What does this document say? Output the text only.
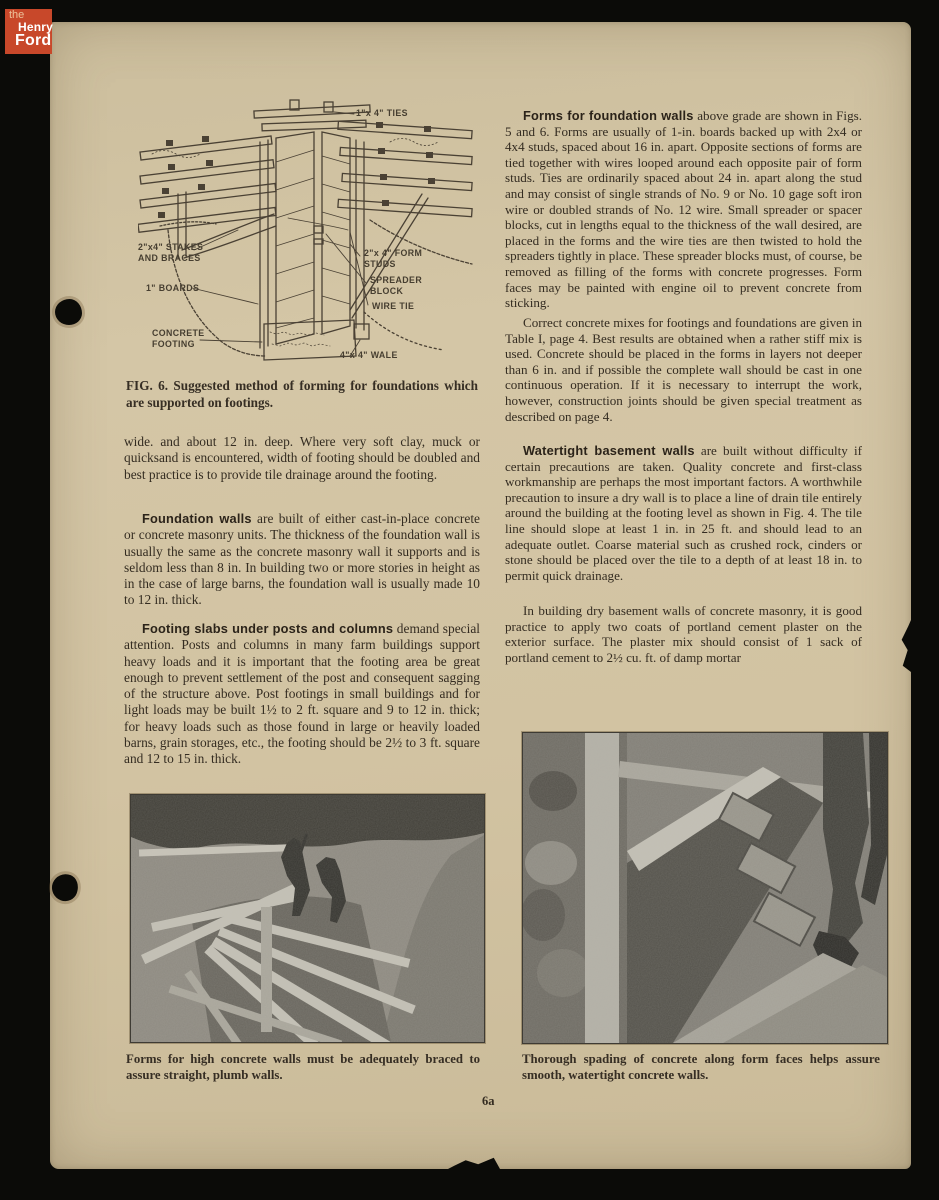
1"x 4" TIES
2"x4" STAKES
AND BRACES
1" BOARDS
CONCRETE
FOOTING
2"x 4" FORM
STUDS
SPREADER
BLOCK
WIRE TIE
4"x 4" WALE

FIG. 6. Suggested method of forming for foundations which are supported on footings.

wide. and about 12 in. deep. Where very soft clay, muck or quicksand is encountered, width of footing should be doubled and best practice is to provide tile drainage around the footing.

Foundation walls are built of either cast-in-place concrete or concrete masonry units. The thickness of the foundation wall is usually the same as the concrete masonry wall it supports and is seldom less than 8 in. In building two or more stories in height as in the case of large barns, the foundation wall is usually made 10 to 12 in. thick.

Footing slabs under posts and columns demand special attention. Posts and columns in many farm buildings support heavy loads and it is important that the footing area be great enough to prevent settlement of the post and consequent sagging of the structure above. Post footings in small buildings and for light loads may be built 1½ to 2 ft. square and 9 to 12 in. thick; for heavy loads such as those found in large or heavily loaded barns, grain storages, etc., the footing should be 2½ to 3 ft. square and 12 to 15 in. thick.

Forms for high concrete walls must be adequately braced to assure straight, plumb walls.

Forms for foundation walls above grade are shown in Figs. 5 and 6. Forms are usually of 1-in. boards backed up with 2x4 or 4x4 studs, spaced about 16 in. apart. Opposite sections of forms are tied together with wires looped around each opposite pair of form studs. Ties are ordinarily spaced about 24 in. apart along the stud and may consist of single strands of No. 9 or No. 10 gage soft iron wire or doubled strands of No. 12 wire. Small spreader or spacer blocks, cut in lengths equal to the thickness of the wall desired, are placed in the forms and the wire ties are then twisted to hold the spreaders tightly in place. These spreader blocks must, of course, be removed as filling of the forms with concrete progresses. Form faces may be painted with engine oil to prevent concrete from sticking.

Correct concrete mixes for footings and foundations are given in Table I, page 4. Best results are obtained when a rather stiff mix is used. Concrete should be placed in the forms in layers not deeper than 6 in. and if possible the complete wall should be cast in one continuous operation. If it is necessary to interrupt the work, however, construction joints should be given special treatment as described on page 4.

Watertight basement walls are built without difficulty if certain precautions are taken. Quality concrete and first-class workmanship are perhaps the most important factors. A worthwhile precaution to insure a dry wall is to place a line of drain tile entirely around the building at the footing level as shown in Fig. 4. The tile line should slope at least 1 in. in 25 ft. and should lead to an adequate outlet. Coarse material such as crushed rock, cinders or stone should be placed over the tile to a depth of at least 18 in. to permit quick drainage.

In building dry basement walls of concrete masonry, it is good practice to apply two coats of portland cement plaster on the exterior surface. The plaster mix should consist of 1 sack of portland cement to 2½ cu. ft. of damp mortar

Thorough spading of concrete along form faces helps assure smooth, watertight concrete walls.

6a
the
Henry
Ford
